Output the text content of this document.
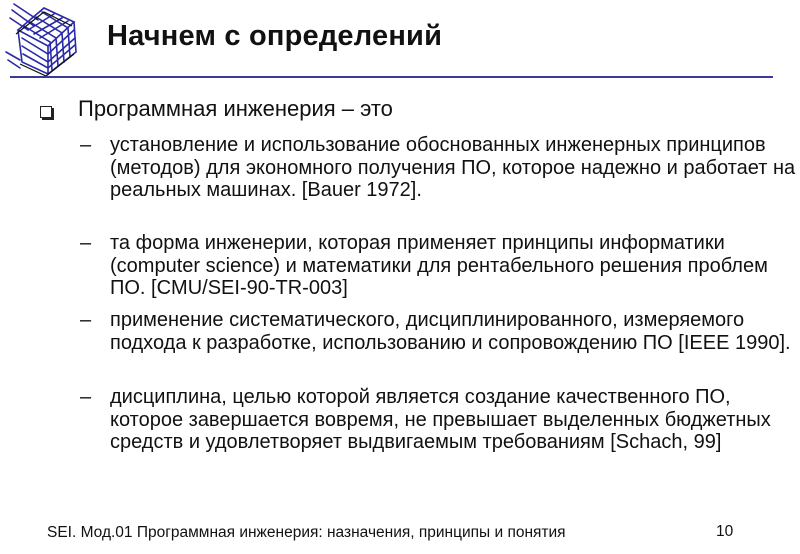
Начнем с определений
Программная инженерия – это
– установление и использование обоснованных инженерных принципов (методов) для экономного получения ПО, которое надежно и работает на реальных машинах. [Bauer 1972].
– та форма инженерии, которая применяет принципы информатики (computer science) и математики для рентабельного решения проблем ПО. [CMU/SEI-90-TR-003]
– применение систематического, дисциплинированного, измеряемого подхода к разработке, использованию и сопровождению ПО [IEEE 1990].
– дисциплина, целью которой является создание качественного ПО, которое завершается вовремя, не превышает выделенных бюджетных средств и удовлетворяет выдвигаемым требованиям [Schach, 99]
SEI. Мод.01 Программная инженерия: назначения, принципы и понятия	10
